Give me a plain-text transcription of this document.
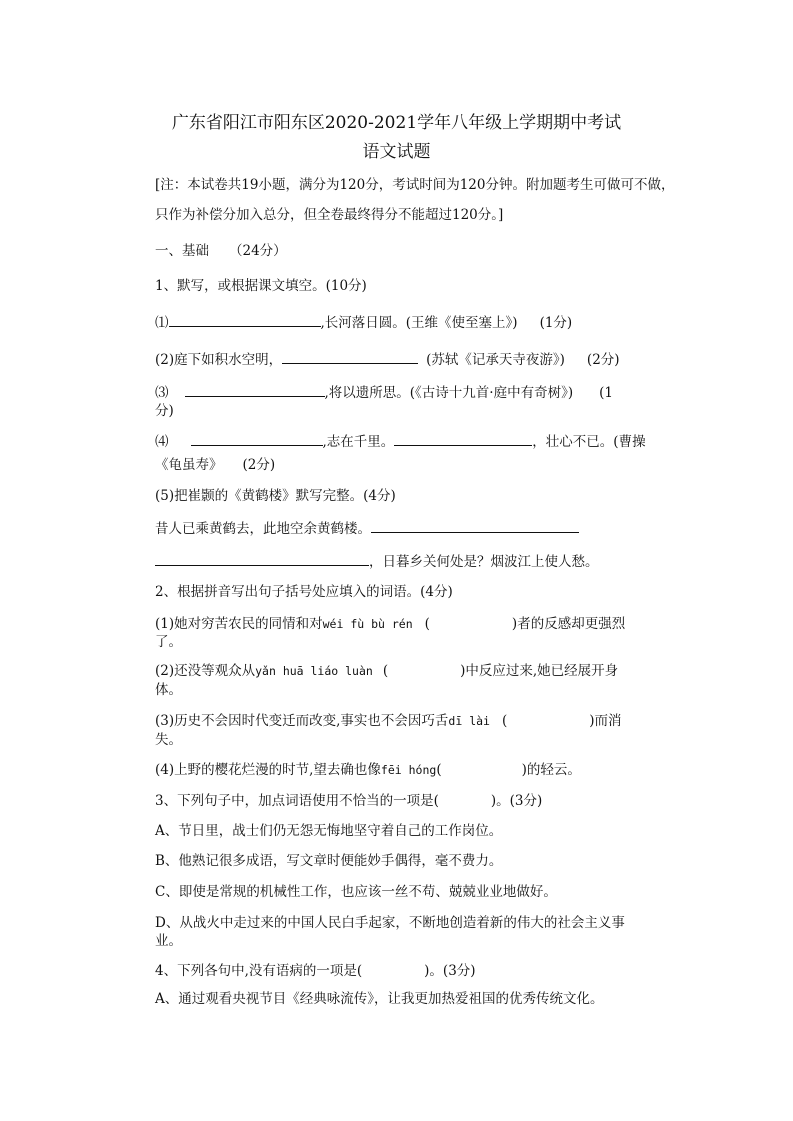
广东省阳江市阳东区2020-2021学年八年级上学期期中考试
语文试题
[注：本试卷共19小题，满分为120分，考试时间为120分钟。附加题考生可做可不做，
只作为补偿分加入总分，但全卷最终得分不能超过120分。]
一、基础 （24分）
1、默写，或根据课文填空。(10分)
⑴	,长河落日圆。(王维《使至塞上》) (1分)
(2)庭下如积水空明，	(苏轼《记承天寺夜游》) (2分)
⑶	,将以遗所思。(《古诗十九首·庭中有奇树》) (1
分)
⑷	,志在千里。	，壮心不已。(曹操
《龟虽寿》 (2分)
(5)把崔颢的《黄鹤楼》默写完整。(4分)
昔人已乘黄鹤去，此地空余黄鹤楼。
，日暮乡关何处是？烟波江上使人愁。
2、根据拼音写出句子括号处应填入的词语。(4分)
(1)她对穷苦农民的同情和对wéi fù bù rén (	)者的反感却更强烈
了。
(2)还没等观众从yǎn huā liáo luàn (	)中反应过来,她已经展开身
体。
(3)历史不会因时代变迁而改变,事实也不会因巧舌dī lài (	)而消
失。
(4)上野的樱花烂漫的时节,望去确也像fēi hóng(	)的轻云。
3、下列句子中，加点词语使用不恰当的一项是(	)。(3分)
A、节日里，战士们仍无怨无悔地坚守着自己的工作岗位。
B、他熟记很多成语，写文章时便能妙手偶得，毫不费力。
C、即使是常规的机械性工作，也应该一丝不苟、兢兢业业地做好。
D、从战火中走过来的中国人民白手起家，不断地创造着新的伟大的社会主义事
业。
4、下列各句中,没有语病的一项是(	)。(3分)
A、通过观看央视节目《经典咏流传》，让我更加热爱祖国的优秀传统文化。
